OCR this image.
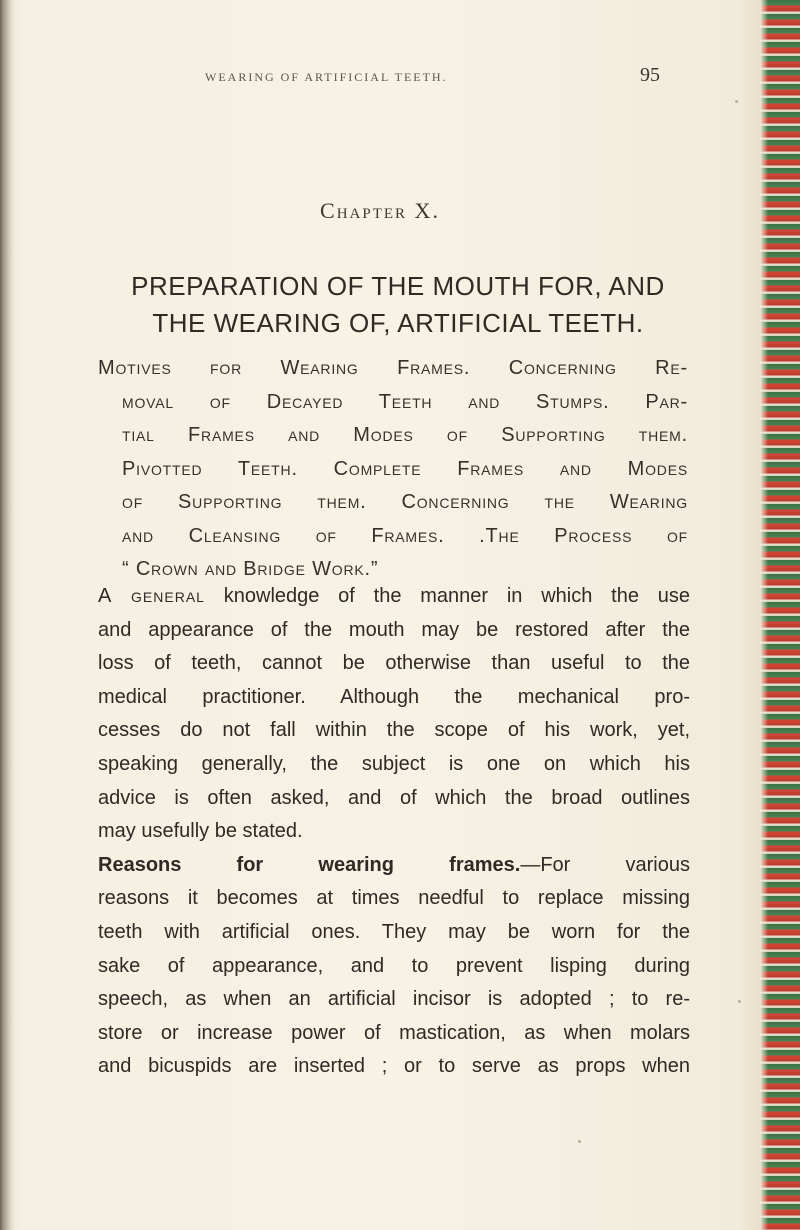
WEARING OF ARTIFICIAL TEETH.	95
Chapter X.
PREPARATION OF THE MOUTH FOR, AND
THE WEARING OF, ARTIFICIAL TEETH.
Motives for Wearing Frames. Concerning Re-
moval of Decayed Teeth and Stumps. Par-
tial Frames and Modes of Supporting them.
Pivotted Teeth. Complete Frames and Modes
of Supporting them. Concerning the Wearing
and Cleansing of Frames. .The Process of
“ Crown and Bridge Work.”
A general knowledge of the manner in which the use
and appearance of the mouth may be restored after the
loss of teeth, cannot be otherwise than useful to the
medical practitioner. Although the mechanical pro-
cesses do not fall within the scope of his work, yet,
speaking generally, the subject is one on which his
advice is often asked, and of which the broad outlines
may usefully be stated.
Reasons for wearing frames.—For various
reasons it becomes at times needful to replace missing
teeth with artificial ones. They may be worn for the
sake of appearance, and to prevent lisping during
speech, as when an artificial incisor is adopted ; to re-
store or increase power of mastication, as when molars
and bicuspids are inserted ; or to serve as props when
